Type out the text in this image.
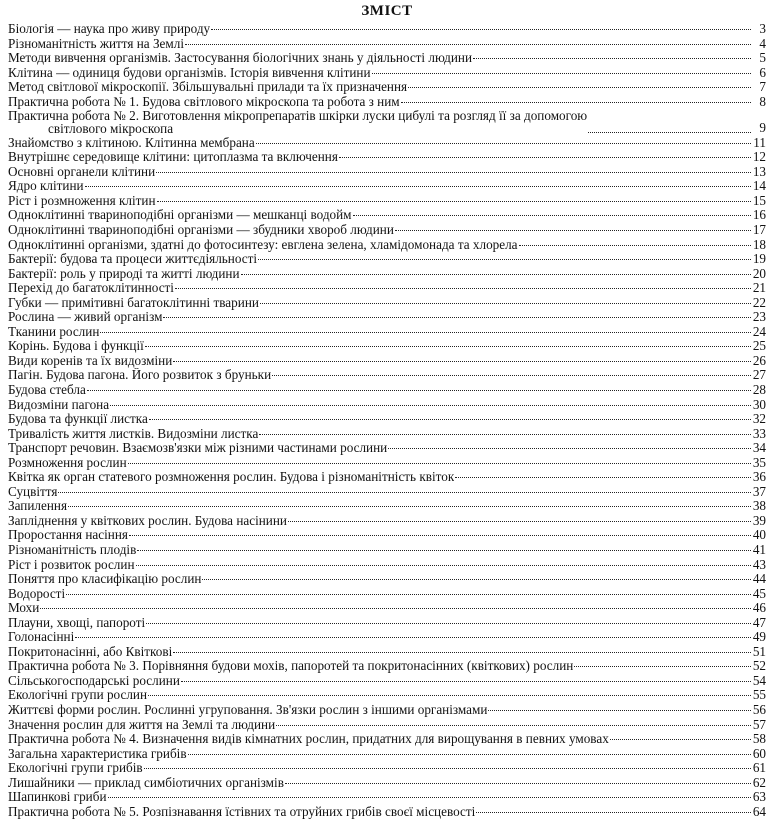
ЗМІСТ
Біологія — наука про живу природу	3
Різноманітність життя на Землі	4
Методи вивчення організмів. Застосування біологічних знань у діяльності людини	5
Клітина — одиниця будови організмів. Історія вивчення клітини	6
Метод світлової мікроскопії. Збільшувальні прилади та їх призначення	7
Практична робота № 1. Будова світлового мікроскопа та робота з ним	8
Практична робота № 2. Виготовлення мікропрепаратів шкірки луски цибулі та розгляд її за допомогою
світлового мікроскопа	9
Знайомство з клітиною. Клітинна мембрана	11
Внутрішнє середовище клітини: цитоплазма та включення	12
Основні органели клітини	13
Ядро клітини	14
Ріст і розмноження клітин	15
Одноклітинні твариноподібні організми — мешканці водойм	16
Одноклітинні твариноподібні організми — збудники хвороб людини	17
Одноклітинні організми, здатні до фотосинтезу: евглена зелена, хламідомонада та хлорела	18
Бактерії: будова та процеси життєдіяльності	19
Бактерії: роль у природі та житті людини	20
Перехід до багатоклітинності	21
Губки — примітивні багатоклітинні тварини	22
Рослина — живий організм	23
Тканини рослин	24
Корінь. Будова і функції	25
Види коренів та їх видозміни	26
Пагін. Будова пагона. Його розвиток з бруньки	27
Будова стебла	28
Видозміни пагона	30
Будова та функції листка	32
Тривалість життя листків. Видозміни листка	33
Транспорт речовин. Взаємозв'язки між різними частинами рослини	34
Розмноження рослин	35
Квітка як орган статевого розмноження рослин. Будова і різноманітність квіток	36
Суцвіття	37
Запилення	38
Запліднення у квіткових рослин. Будова насінини	39
Проростання насіння	40
Різноманітність плодів	41
Ріст і розвиток рослин	43
Поняття про класифікацію рослин	44
Водорості	45
Мохи	46
Плауни, хвощі, папороті	47
Голонасінні	49
Покритонасінні, або Квіткові	51
Практична робота № 3. Порівняння будови мохів, папоротей та покритонасінних (квіткових) рослин	52
Сільськогосподарські рослини	54
Екологічні групи рослин	55
Життєві форми рослин. Рослинні угруповання. Зв'язки рослин з іншими організмами	56
Значення рослин для життя на Землі та людини	57
Практична робота № 4. Визначення видів кімнатних рослин, придатних для вирощування в певних умовах	58
Загальна характеристика грибів	60
Екологічні групи грибів	61
Лишайники — приклад симбіотичних організмів	62
Шапинкові гриби	63
Практична робота № 5. Розпізнавання їстівних та отруйних грибів своєї місцевості	64
